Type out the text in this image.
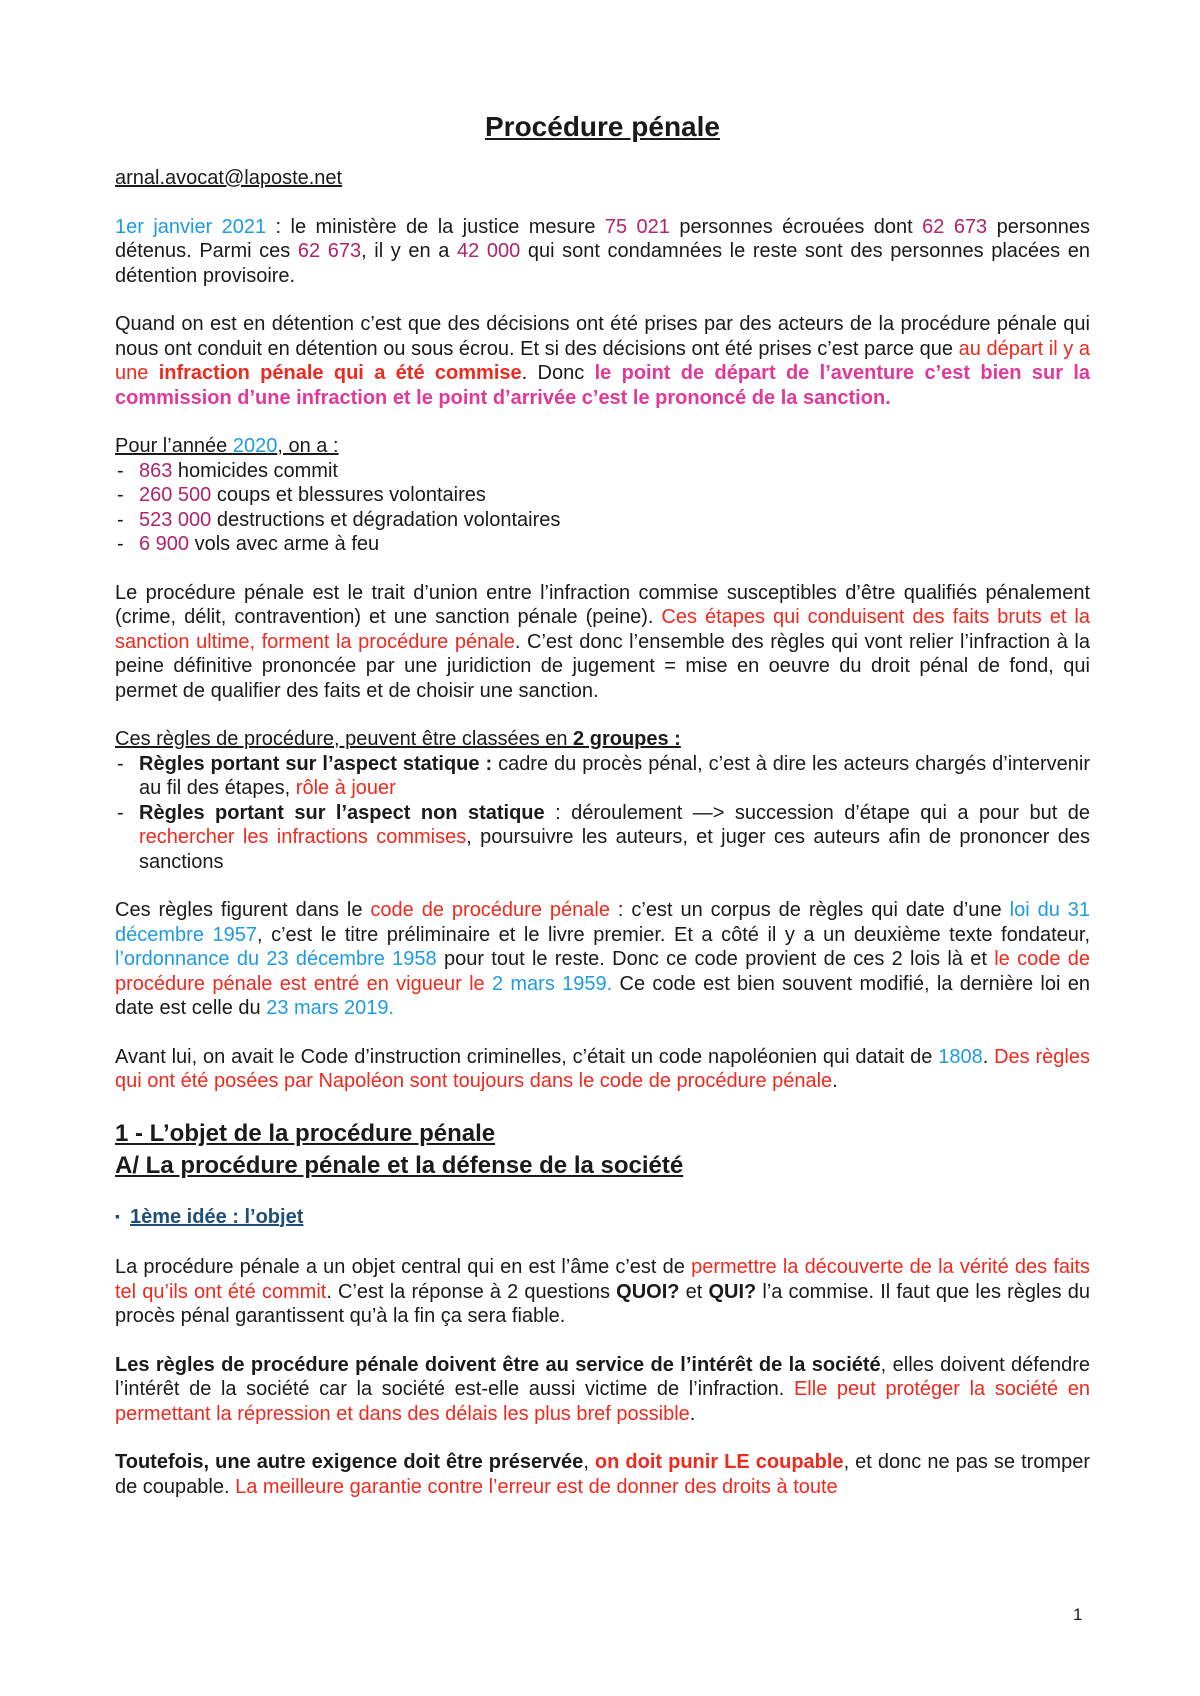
Procédure pénale
arnal.avocat@laposte.net

1er janvier 2021 : le ministère de la justice mesure 75 021 personnes écrouées dont 62 673 personnes détenus. Parmi ces 62 673, il y en a 42 000 qui sont condamnées le reste sont des personnes placées en détention provisoire.

Quand on est en détention c’est que des décisions ont été prises par des acteurs de la procédure pénale qui nous ont conduit en détention ou sous écrou. Et si des décisions ont été prises c’est parce que au départ il y a une infraction pénale qui a été commise. Donc le point de départ de l’aventure c’est bien sur la commission d’une infraction et le point d’arrivée c’est le prononcé de la sanction.

Pour l’année 2020, on a :
- 863 homicides commit
- 260 500 coups et blessures volontaires
- 523 000 destructions et dégradation volontaires
- 6 900 vols avec arme à feu

Le procédure pénale est le trait d’union entre l’infraction commise susceptibles d’être qualifiés pénalement (crime, délit, contravention) et une sanction pénale (peine). Ces étapes qui conduisent des faits bruts et la sanction ultime, forment la procédure pénale. C’est donc l’ensemble des règles qui vont relier l’infraction à la peine définitive prononcée par une juridiction de jugement = mise en oeuvre du droit pénal de fond, qui permet de qualifier des faits et de choisir une sanction.

Ces règles de procédure, peuvent être classées en 2 groupes :
- Règles portant sur l’aspect statique : cadre du procès pénal, c’est à dire les acteurs chargés d’intervenir au fil des étapes, rôle à jouer
- Règles portant sur l’aspect non statique : déroulement —> succession d’étape qui a pour but de rechercher les infractions commises, poursuivre les auteurs, et juger ces auteurs afin de prononcer des sanctions

Ces règles figurent dans le code de procédure pénale : c’est un corpus de règles qui date d’une loi du 31 décembre 1957, c’est le titre préliminaire et le livre premier. Et a côté il y a un deuxième texte fondateur, l’ordonnance du 23 décembre 1958 pour tout le reste. Donc ce code provient de ces 2 lois là et le code de procédure pénale est entré en vigueur le 2 mars 1959. Ce code est bien souvent modifié, la dernière loi en date est celle du 23 mars 2019.

Avant lui, on avait le Code d’instruction criminelles, c’était un code napoléonien qui datait de 1808. Des règles qui ont été posées par Napoléon sont toujours dans le code de procédure pénale.

1 - L’objet de la procédure pénale
A/ La procédure pénale et la défense de la société
▪ 1ème idée : l’objet

La procédure pénale a un objet central qui en est l’âme c’est de permettre la découverte de la vérité des faits tel qu’ils ont été commit. C’est la réponse à 2 questions QUOI? et QUI? l’a commise. Il faut que les règles du procès pénal garantissent qu’à la fin ça sera fiable.

Les règles de procédure pénale doivent être au service de l’intérêt de la société, elles doivent défendre l’intérêt de la société car la société est-elle aussi victime de l’infraction. Elle peut protéger la société en permettant la répression et dans des délais les plus bref possible.

Toutefois, une autre exigence doit être préservée, on doit punir LE coupable, et donc ne pas se tromper de coupable. La meilleure garantie contre l’erreur est de donner des droits à toute

1
